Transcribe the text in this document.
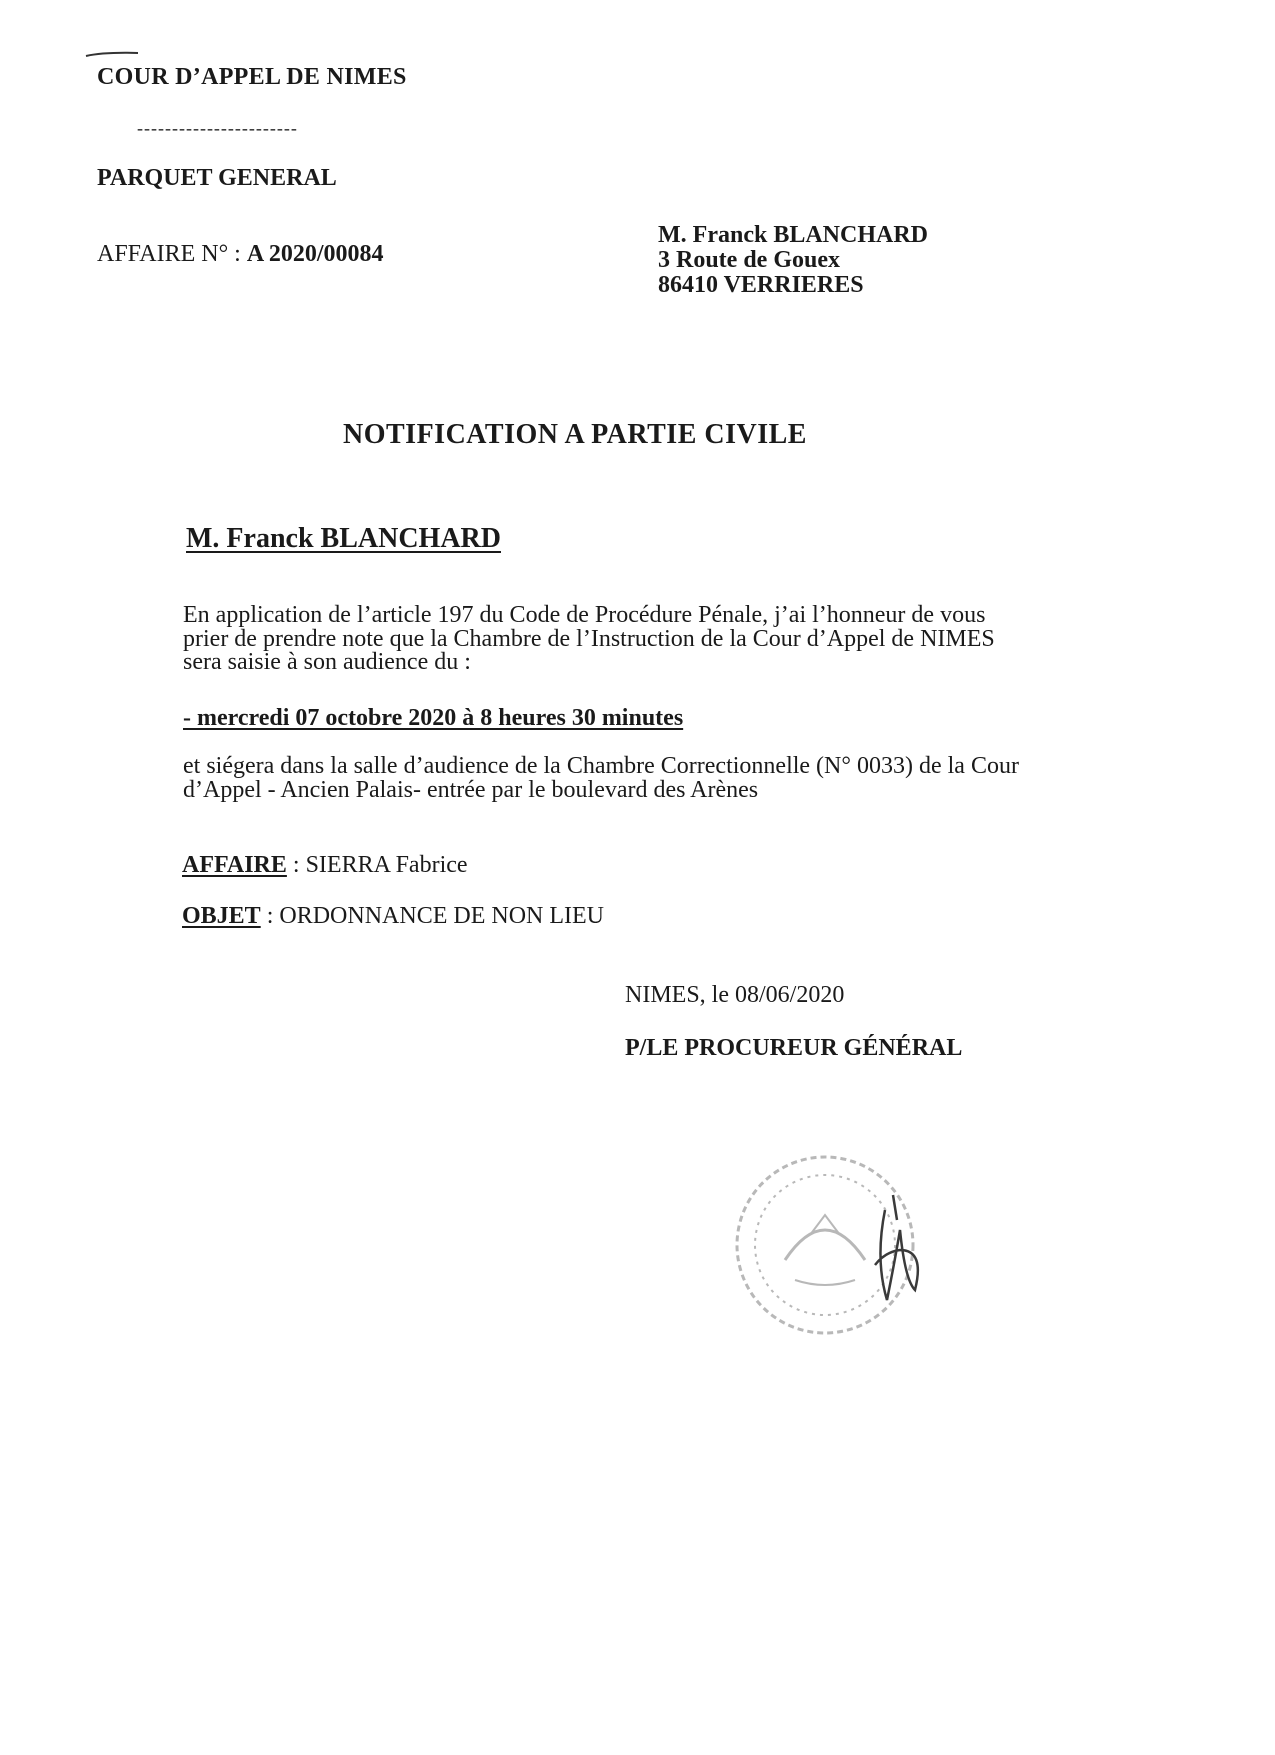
COUR D’APPEL DE NIMES

-----------------------

PARQUET GENERAL

AFFAIRE N° : A 2020/00084

M. Franck BLANCHARD

3 Route de Gouex

86410 VERRIERES

NOTIFICATION A PARTIE CIVILE

M. Franck BLANCHARD

En application de l’article 197 du Code de Procédure Pénale, j’ai l’honneur de vous

prier de prendre note que la Chambre de l’Instruction de la Cour d’Appel de NIMES

sera saisie à son audience du :

- mercredi 07 octobre 2020 à 8 heures 30 minutes

et siégera dans la salle d’audience de la Chambre Correctionnelle (N° 0033) de la Cour

d’Appel - Ancien Palais- entrée par le boulevard des Arènes

AFFAIRE : SIERRA Fabrice

OBJET : ORDONNANCE DE NON LIEU

NIMES, le 08/06/2020

P/LE PROCUREUR GÉNÉRAL
